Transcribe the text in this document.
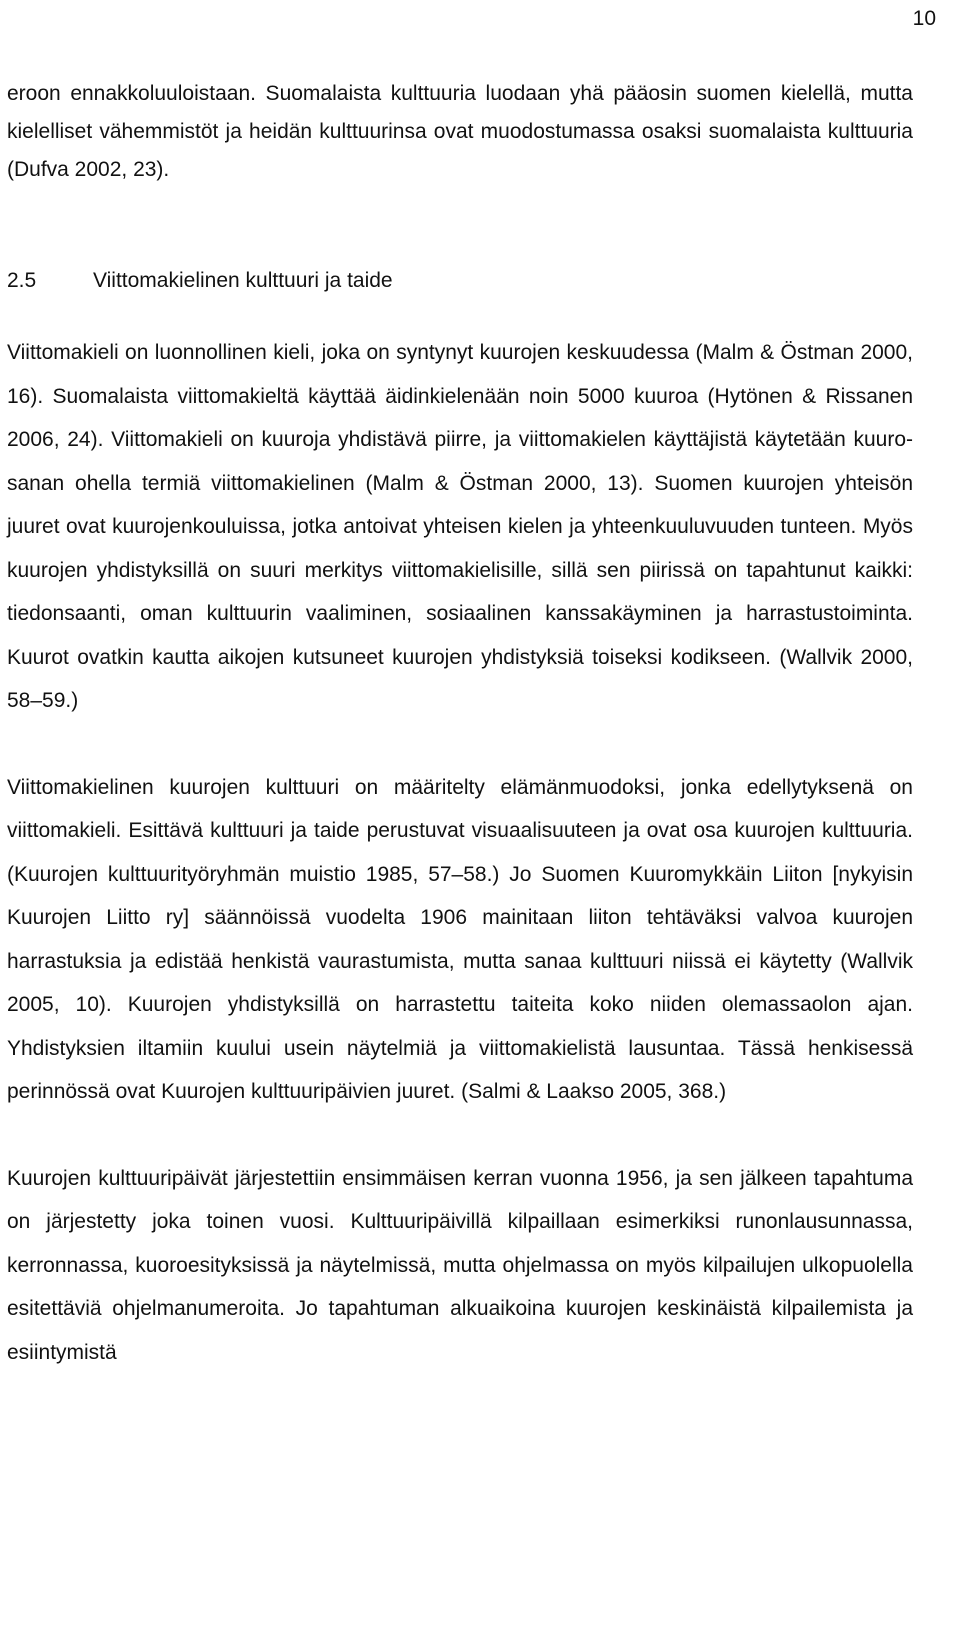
10

eroon ennakkoluuloistaan. Suomalaista kulttuuria luodaan yhä pääosin suomen kielellä, mutta kielelliset vähemmistöt ja heidän kulttuurinsa ovat muodostumassa osaksi suomalaista kulttuuria (Dufva 2002, 23).

2.5	Viittomakielinen kulttuuri ja taide

Viittomakieli on luonnollinen kieli, joka on syntynyt kuurojen keskuudessa (Malm & Östman 2000, 16). Suomalaista viittomakieltä käyttää äidinkielenään noin 5000 kuuroa (Hytönen & Rissanen 2006, 24). Viittomakieli on kuuroja yhdistävä piirre, ja viittomakielen käyttäjistä käytetään kuuro-sanan ohella termiä viittomakielinen (Malm & Östman 2000, 13). Suomen kuurojen yhteisön juuret ovat kuurojenkouluissa, jotka antoivat yhteisen kielen ja yhteenkuuluvuuden tunteen. Myös kuurojen yhdistyksillä on suuri merkitys viittomakielisille, sillä sen piirissä on tapahtunut kaikki: tiedonsaanti, oman kulttuurin vaaliminen, sosiaalinen kanssakäyminen ja harrastustoiminta. Kuurot ovatkin kautta aikojen kutsuneet kuurojen yhdistyksiä toiseksi kodikseen. (Wallvik 2000, 58–59.)

Viittomakielinen kuurojen kulttuuri on määritelty elämänmuodoksi, jonka edellytyksenä on viittomakieli. Esittävä kulttuuri ja taide perustuvat visuaalisuuteen ja ovat osa kuurojen kulttuuria. (Kuurojen kulttuurityöryhmän muistio 1985, 57–58.) Jo Suomen Kuuromykkäin Liiton [nykyisin Kuurojen Liitto ry] säännöissä vuodelta 1906 mainitaan liiton tehtäväksi valvoa kuurojen harrastuksia ja edistää henkistä vaurastumista, mutta sanaa kulttuuri niissä ei käytetty (Wallvik 2005, 10). Kuurojen yhdistyksillä on harrastettu taiteita koko niiden olemassaolon ajan. Yhdistyksien iltamiin kuului usein näytelmiä ja viittomakielistä lausuntaa. Tässä henkisessä perinnössä ovat Kuurojen kulttuuripäivien juuret. (Salmi & Laakso 2005, 368.)

Kuurojen kulttuuripäivät järjestettiin ensimmäisen kerran vuonna 1956, ja sen jälkeen tapahtuma on järjestetty joka toinen vuosi. Kulttuuripäivillä kilpaillaan esimerkiksi runonlausunnassa, kerronnassa, kuoroesityksissä ja näytelmissä, mutta ohjelmassa on myös kilpailujen ulkopuolella esitettäviä ohjelmanumeroita. Jo tapahtuman alkuaikoina kuurojen keskinäistä kilpailemista ja esiintymistä
